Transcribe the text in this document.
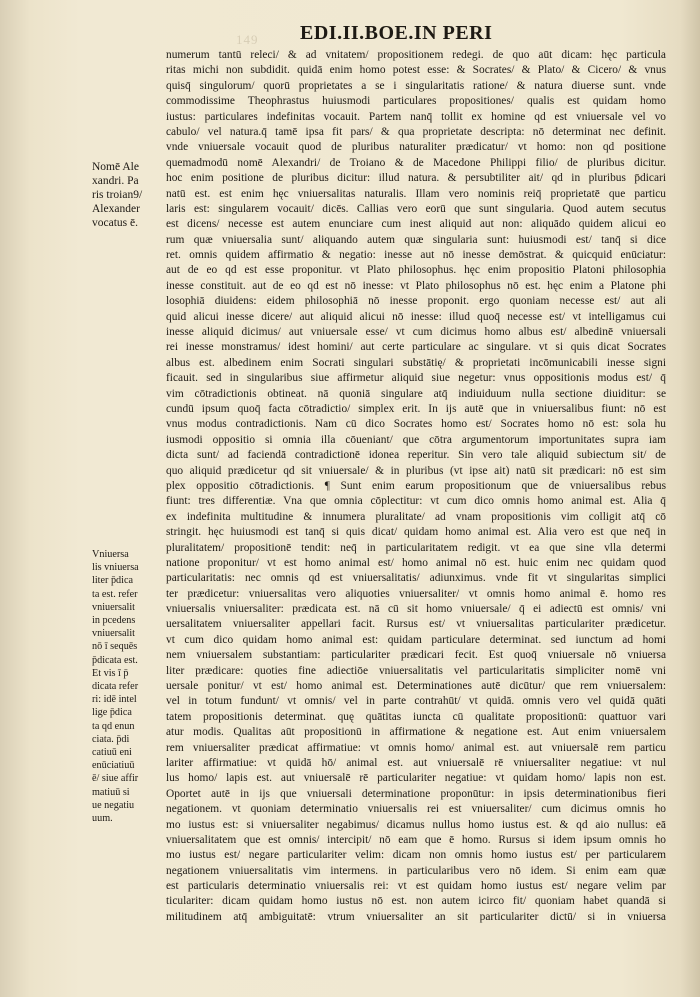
149 EDI.II.BOE.IN PERI
Nomē Ale
xandri. Pa
ris troian9/
Alexander
vocatus ē.
Vniuersa
lis vniuersa
liter p̄dica
ta est. refer
vniuersalit
in pcedens
vniuersalit
nō ī sequēs
p̄dicata est.
Et vis ī p̄
dicata refer
ri: idē intel
lige p̄dica
ta qd enun
ciata. p̄di
catiuū eni
enūciatiuū
ē/ siue affir
matiuū si
ue negatiu
uum.
numerum tantū releci/ & ad vnitatem/ propositionem redegi. de quo aūt dicam: hęc particula
ritas michi non subdidit. quidā enim homo potest esse: & Socrates/ & Plato/ & Cicero/ & vnus
quisq̄ singulorum/ quorū proprietates a se i singularitatis ratione/ & natura diuerse sunt. vnde
commodissime Theophrastus huiusmodi particulares propositiones/ qualis est quidam homo
iustus: particulares indefinitas vocauit. Partem nanq̄ tollit ex homine qd est vniuersale vel vo
cabulo/ vel natura.q̄ tamē ipsa fit pars/ & qua proprietate descripta: nō determinat nec definit.
vnde vniuersale vocauit quod de pluribus naturaliter prædicatur/ vt homo: non qd positione
quemadmodū nomē Alexandri/ de Troiano & de Macedone Philippi filio/ de pluribus dicitur.
hoc enim positione de pluribus dicitur: illud natura. & persubtiliter ait/ qd in pluribus p̄dicari
natū est. est enim hęc vniuersalitas naturalis. Illam vero nominis reiq̄ proprietatē que particu
laris est: singularem vocauit/ dicēs. Callias vero eorū que sunt singularia. Quod autem secutus
est dicens/ necesse est autem enunciare cum inest aliquid aut non: aliquādo quidem alicui eo
rum quæ vniuersalia sunt/ aliquando autem quæ singularia sunt: huiusmodi est/ tanq̄ si dice
ret. omnis quidem affirmatio & negatio: inesse aut nō inesse demōstrat. & quicquid enūciatur:
aut de eo qd est esse proponitur. vt Plato philosophus. hęc enim propositio Platoni philosophia
inesse constituit. aut de eo qd est nō inesse: vt Plato philosophus nō est. hęc enim a Platone phi
losophiā diuidens: eidem philosophiā nō inesse proponit. ergo quoniam necesse est/ aut ali
quid alicui inesse dicere/ aut aliquid alicui nō inesse: illud quoq̄ necesse est/ vt intelligamus cui
inesse aliquid dicimus/ aut vniuersale esse/ vt cum dicimus homo albus est/ albedinē vniuersali
rei inesse monstramus/ idest homini/ aut certe particulare ac singulare. vt si quis dicat Socrates
albus est. albedinem enim Socrati singulari substātię/ & proprietati incōmunicabili inesse signi
ficauit. sed in singularibus siue affirmetur aliquid siue negetur: vnus oppositionis modus est/ q̄
vim cōtradictionis obtineat. nā quoniā singulare atq̄ indiuiduum nulla sectione diuiditur: se
cundū ipsum quoq̄ facta cōtradictio/ simplex erit. In ijs autē que in vniuersalibus fiunt: nō est
vnus modus contradictionis. Nam cū dico Socrates homo est/ Socrates homo nō est: sola hu
iusmodi oppositio si omnia illa cōueniant/ que cōtra argumentorum importunitates supra iam
dicta sunt/ ad faciendā contradictionē idonea reperitur. Sin vero tale aliquid subiectum sit/ de
quo aliquid prædicetur qd sit vniuersale/ & in pluribus (vt ipse ait) natū sit prædicari: nō est sim
plex oppositio cōtradictionis. ¶ Sunt enim earum propositionum que de vniuersalibus rebus
fiunt: tres differentiæ. Vna que omnia cōplectitur: vt cum dico omnis homo animal est. Alia q̄
ex indefinita multitudine & innumera pluralitate/ ad vnam propositionis vim colligit atq̄ cō
stringit. hęc huiusmodi est tanq̄ si quis dicat/ quidam homo animal est. Alia vero est que neq̄ in
pluralitatem/ propositionē tendit: neq̄ in particularitatem redigit. vt ea que sine vlla determi
natione proponitur/ vt est homo animal est/ homo animal nō est. huic enim nec quidam quod
particularitatis: nec omnis qd est vniuersalitatis/ adiunximus. vnde fit vt singularitas simplici
ter prædicetur: vniuersalitas vero aliquoties vniuersaliter/ vt omnis homo animal ē. homo res
vniuersalis vniuersaliter: prædicata est. nā cū sit homo vniuersale/ q̄ ei adiectū est omnis/ vni
uersalitatem vniuersaliter appellari facit. Rursus est/ vt vniuersalitas particulariter prædicetur.
vt cum dico quidam homo animal est: quidam particulare determinat. sed iunctum ad homi
nem vniuersalem substantiam: particulariter prædicari fecit. Est quoq̄ vniuersale nō vniuersa
liter prædicare: quoties fine adiectiōe vniuersalitatis vel particularitatis simpliciter nomē vni
uersale ponitur/ vt est/ homo animal est. Determinationes autē dicūtur/ que rem vniuersalem:
vel in totum fundunt/ vt omnis/ vel in parte contrahūt/ vt quidā. omnis vero vel quidā quāti
tatem propositionis determinat. quę quātitas iuncta cū qualitate propositionū: quattuor vari
atur modis. Qualitas aūt propositionū in affirmatione & negatione est. Aut enim vniuersalem
rem vniuersaliter prædicat affirmatiue: vt omnis homo/ animal est. aut vniuersalē rem particu
lariter affirmatiue: vt quidā hō/ animal est. aut vniuersalē rē vniuersaliter negatiue: vt nul
lus homo/ lapis est. aut vniuersalē rē particulariter negatiue: vt quidam homo/ lapis non est.
Oportet autē in ijs que vniuersali determinatione proponūtur: in ipsis determinationibus fieri
negationem. vt quoniam determinatio vniuersalis rei est vniuersaliter/ cum dicimus omnis ho
mo iustus est: si vniuersaliter negabimus/ dicamus nullus homo iustus est. & qd aio nullus: eā
vniuersalitatem que est omnis/ intercipit/ nō eam que ē homo. Rursus si idem ipsum omnis ho
mo iustus est/ negare particulariter velim: dicam non omnis homo iustus est/ per particularem
negationem vniuersalitatis vim intermens. in particularibus vero nō idem. Si enim eam quæ
est particularis determinatio vniuersalis rei: vt est quidam homo iustus est/ negare velim par
ticulariter: dicam quidam homo iustus nō est. non autem icirco fit/ quoniam habet quandā si
militudinem atq̄ ambiguitatē: vtrum vniuersaliter an sit particulariter dictū/ si in vniuersa
